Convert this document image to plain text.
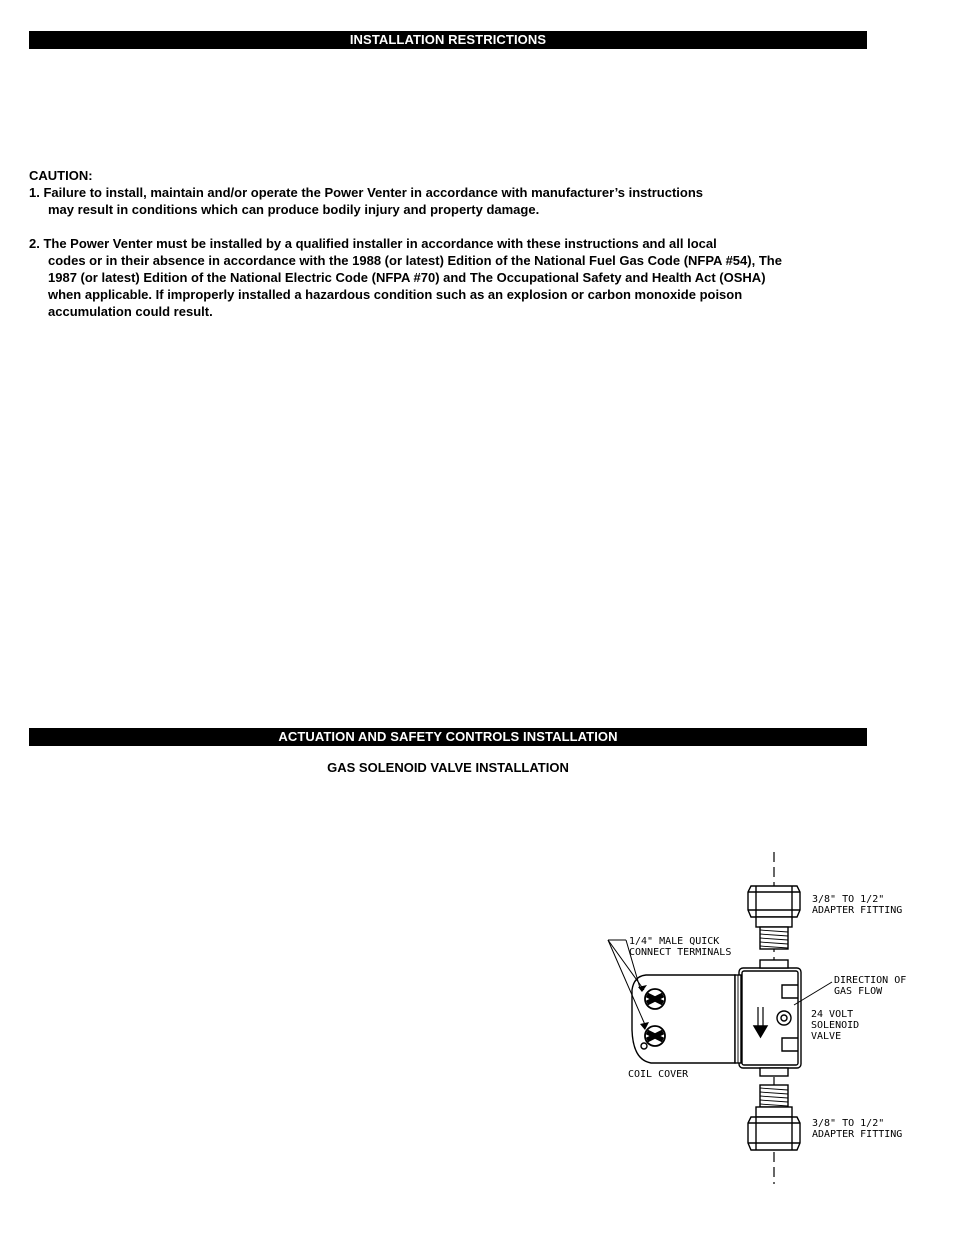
INSTALLATION RESTRICTIONS

CAUTION:

1. Failure to install, maintain and/or operate the Power Venter in accordance with manufacturer’s instructions

may result in conditions which can produce bodily injury and property damage.

2. The Power Venter must be installed by a qualified installer in accordance with these instructions and all local

codes or in their absence in accordance with the 1988 (or latest) Edition of the National Fuel Gas Code (NFPA #54), The

1987 (or latest) Edition of the National Electric Code (NFPA #70) and The Occupational Safety and Health Act (OSHA)

when applicable. If improperly installed a hazardous condition such as an explosion or carbon monoxide poison

accumulation could result.

ACTUATION AND SAFETY CONTROLS INSTALLATION
GAS SOLENOID VALVE INSTALLATION
3/8" TO 1/2"
ADAPTER FITTING
1/4" MALE QUICK
CONNECT TERMINALS
DIRECTION OF
GAS FLOW
24 VOLT
SOLENOID
VALVE
COIL COVER
3/8" TO 1/2"
ADAPTER FITTING
